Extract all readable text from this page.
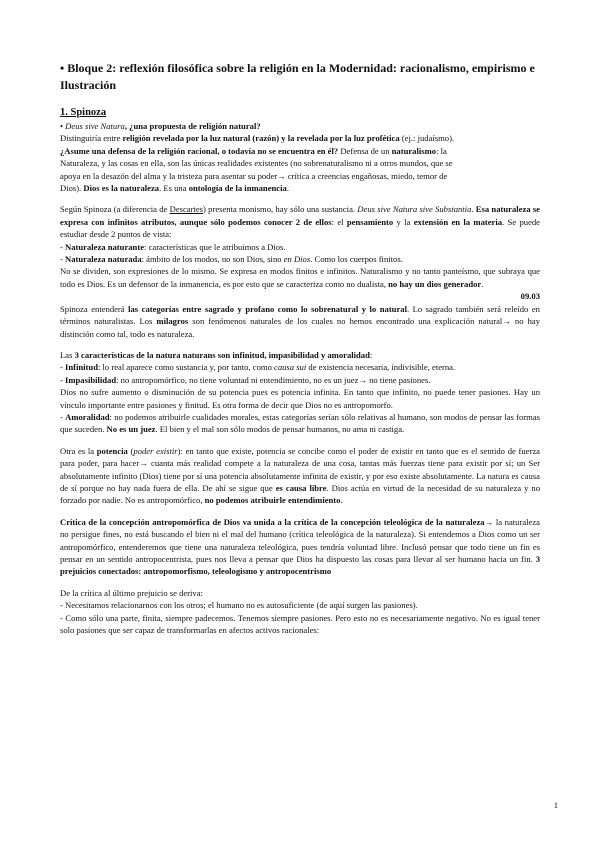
• Bloque 2: reflexión filosófica sobre la religión en la Modernidad: racionalismo, empirismo e Ilustración
1. Spinoza

• Deus sive Natura, ¿una propuesta de religión natural?

Distinguiría entre religión revelada por la luz natural (razón) y la revelada por la luz profética (ej.: judaísmo).

¿Asume una defensa de la religión racional, o todavía no se encuentra en él? Defensa de un naturalismo: la

Naturaleza, y las cosas en ella, son las únicas realidades existentes (no sobrenaturalismo ni a otros mundos, que se

apoya en la desazón del alma y la tristeza para asentar su poder→ crítica a creencias engañosas, miedo, temor de

Dios). Dios es la naturaleza. Es una ontología de la inmanencia.

Según Spinoza (a diferencia de Descartes) presenta monismo, hay sólo una sustancia. Deus sive Natura sive Substantia. Esa naturaleza se expresa con infinitos atributos, aunque sólo podemos conocer 2 de ellos: el pensamiento y la extensión en la materia. Se puede estudiar desde 2 puntos de vista:

- Naturaleza naturante: características que le atribuimos a Dios.

- Naturaleza naturada: ámbito de los modos, no son Dios, sino en Dios. Como los cuerpos finitos.

No se dividen, son expresiones de lo mismo. Se expresa en modos finitos e infinitos. Naturalismo y no tanto panteísmo, que subraya que todo es Dios. Es un defensor de la inmanencia, es por esto que se caracteriza como no dualista, no hay un dios generador.

09.03

Spinoza entenderá las categorías entre sagrado y profano como lo sobrenatural y lo natural. Lo sagrado también será releído en términos naturalistas. Los milagros son fenómenos naturales de los cuales no hemos encontrado una explicación natural→ no hay distinción como tal, todo es naturaleza.

Las 3 características de la natura naturans son infinitud, impasibilidad y amoralidad:

- Infinitud: lo real aparece como sustancia y, por tanto, como causa sui de existencia necesaria, indivisible, eterna.

- Impasibilidad: no antropomórfico, no tiene voluntad ni entendimiento, no es un juez→ no tiene pasiones.

Dios no sufre aumento o disminución de su potencia pues es potencia infinita. En tanto que infinito, no puede tener pasiones. Hay un vínculo importante entre pasiones y finitud. Es otra forma de decir que Dios no es antropomorfo.

- Amoralidad: no podemos atribuirle cualidades morales, estas categorías serían sólo relativas al humano, son modos de pensar las formas que suceden. No es un juez. El bien y el mal son sólo modos de pensar humanos, no ama ni castiga.

Otra es la potencia (poder existir): en tanto que existe, potencia se concibe como el poder de existir en tanto que es el sentido de fuerza para poder, para hacer→ cuanta más realidad compete a la naturaleza de una cosa, tantas más fuerzas tiene para existir por sí; un Ser absolutamente infinito (Dios) tiene por sí una potencia absolutamente infinita de existir, y por eso existe absolutamente. La natura es causa de sí porque no hay nada fuera de ella. De ahí se sigue que es causa libre. Dios actúa en virtud de la necesidad de su naturaleza y no forzado por nadie. No es antropomórfico, no podemos atribuirle entendimiento.

Crítica de la concepción antropomórfica de Dios va unida a la crítica de la concepción teleológica de la naturaleza→ la naturaleza no persigue fines, no está buscando el bien ni el mal del humano (crítica teleológica de la naturaleza). Si entendemos a Dios como un ser antropomórfico, entenderemos que tiene una naturaleza teleológica, pues tendría voluntad libre. Inclusó pensar que todo tiene un fin es pensar en un sentido antropocentrista, pues nos lleva a pensar que Dios ha dispuesto las cosas para llevar al ser humano hacia un fin. 3 prejuicios conectados: antropomorfismo, teleologismo y antropocentrismo

De la crítica al último prejuicio se deriva:

- Necesitamos relacionarnos con los otros; el humano no es autosuficiente (de aquí surgen las pasiones).

- Como sólo una parte, finita, siempre padecemos. Tenemos siempre pasiones. Pero esto no es necesariamente negativo. No es igual tener solo pasiones que ser capaz de transformarlas en afectos activos racionales:

1
